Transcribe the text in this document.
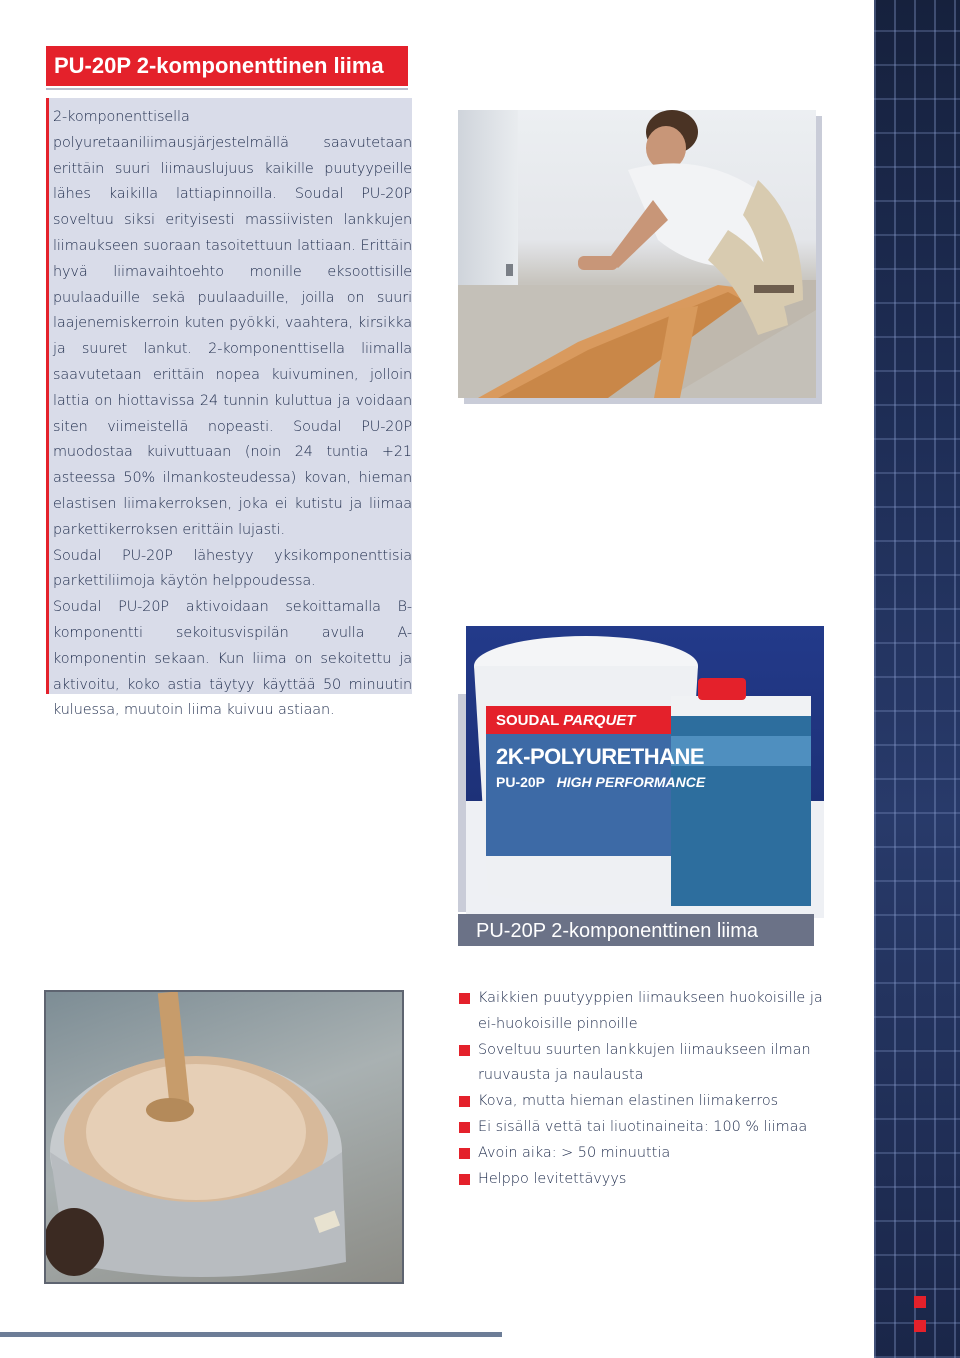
PU-20P 2-komponenttinen liima

2-komponenttisella polyuretaaniliimausjärjestelmällä saavutetaan erittäin suuri liimauslujuus kaikille puutyypeille lähes kaikilla lattiapinnoilla. Soudal PU-20P soveltuu siksi erityisesti massiivisten lankkujen liimaukseen suoraan tasoitettuun lattiaan. Erittäin hyvä liimavaihtoehto monille eksoottisille puulaaduille sekä puulaaduille, joilla on suuri laajenemiskerroin kuten pyökki, vaahtera, kirsikka ja suuret lankut. 2-komponenttisella liimalla saavutetaan erittäin nopea kuivuminen, jolloin lattia on hiottavissa 24 tunnin kuluttua ja voidaan siten viimeistellä nopeasti. Soudal PU-20P muodostaa kuivuttuaan (noin 24 tuntia +21 asteessa 50% ilmankosteudessa) kovan, hieman elastisen liimakerroksen, joka ei kutistu ja liimaa parkettikerroksen erittäin lujasti.

Soudal PU-20P lähestyy yksikomponenttisia parkettiliimoja käytön helppoudessa.

Soudal PU-20P aktivoidaan sekoittamalla B-komponentti sekoitusvispilän avulla A-komponentin sekaan. Kun liima on sekoitettu ja aktivoitu, koko astia täytyy käyttää 50 minuutin kuluessa, muutoin liima kuivuu astiaan.

SOUDAL PARQUET
2K-POLYURETHANE
PU-20P HIGH PERFORMANCE
PU-20P 2-komponenttinen liima
Kaikkien puutyyppien liimaukseen huokoisille ja ei-huokoisille pinnoille
Soveltuu suurten lankkujen liimaukseen ilman ruuvausta ja naulausta
Kova, mutta hieman elastinen liimakerros
Ei sisällä vettä tai liuotinaineita: 100 % liimaa
Avoin aika: > 50 minuuttia
Helppo levitettävyys
